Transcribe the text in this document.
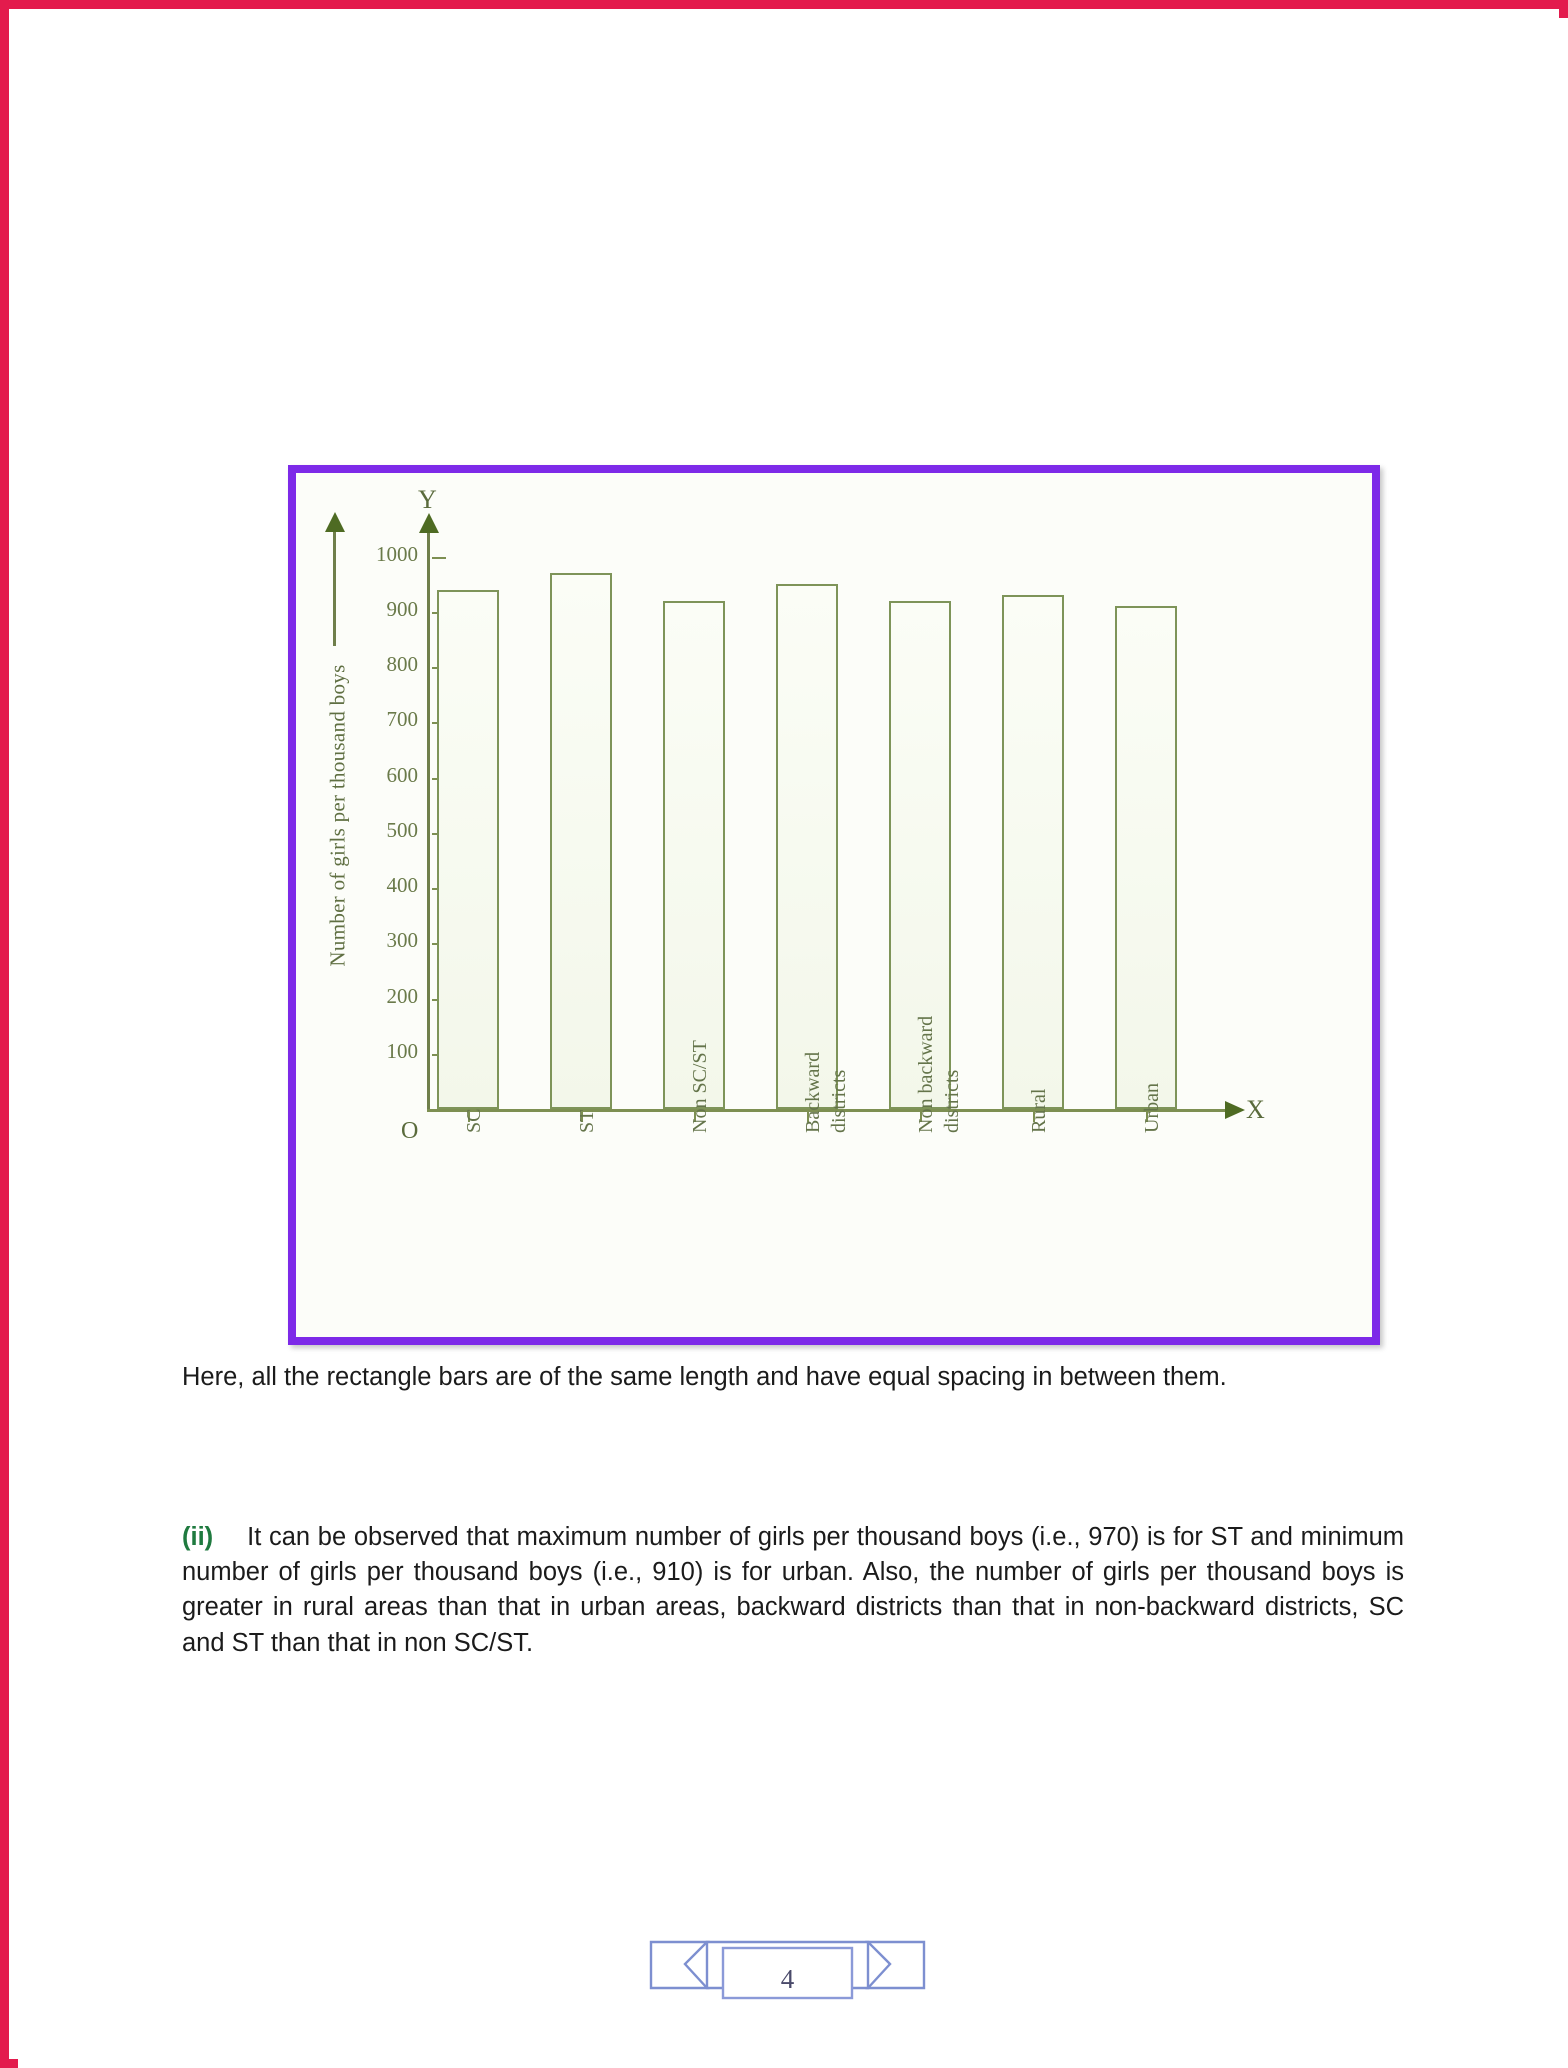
Number of girls per thousand boys
Y
X
O
100
200
300
400
500
600
700
800
900
1000
SC	ST	Non SC/ST	Backward districts	Non backward districts	Rural	Urban
Here, all the rectangle bars are of the same length and have equal spacing in between them.
(ii) It can be observed that maximum number of girls per thousand boys (i.e., 970) is for ST and minimum number of girls per thousand boys (i.e., 910) is for urban. Also, the number of girls per thousand boys is greater in rural areas than that in urban areas, backward districts than that in non-backward districts, SC and ST than that in non SC/ST.
4
